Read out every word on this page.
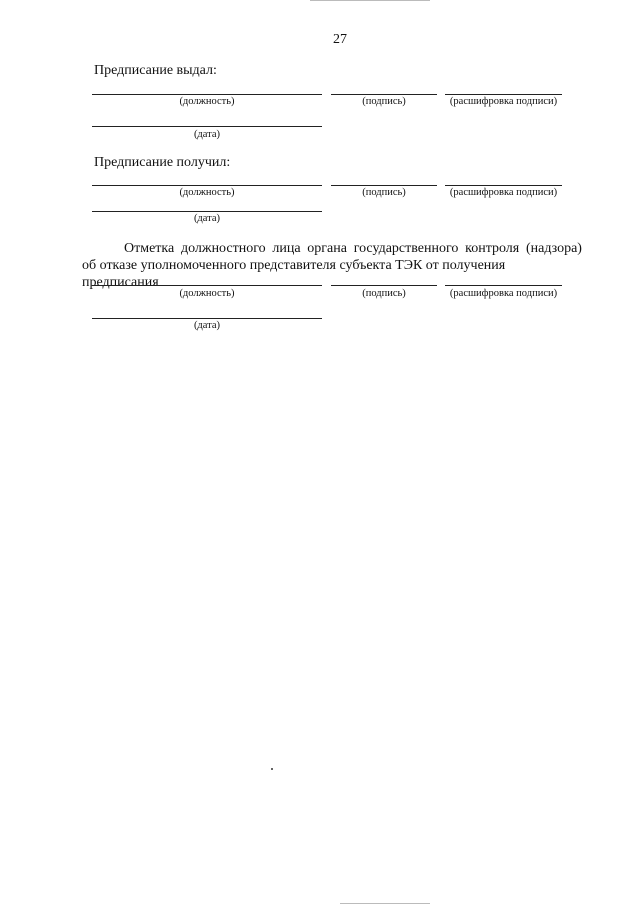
27
Предписание выдал:
(должность)	(подпись)	(расшифровка подписи)
(дата)
Предписание получил:
(должность)	(подпись)	(расшифровка подписи)
(дата)
Отметка должностного лица органа государственного контроля (надзора)
об отказе уполномоченного представителя субъекта ТЭК от получения предписания
(должность)	(подпись)	(расшифровка подписи)
(дата)
